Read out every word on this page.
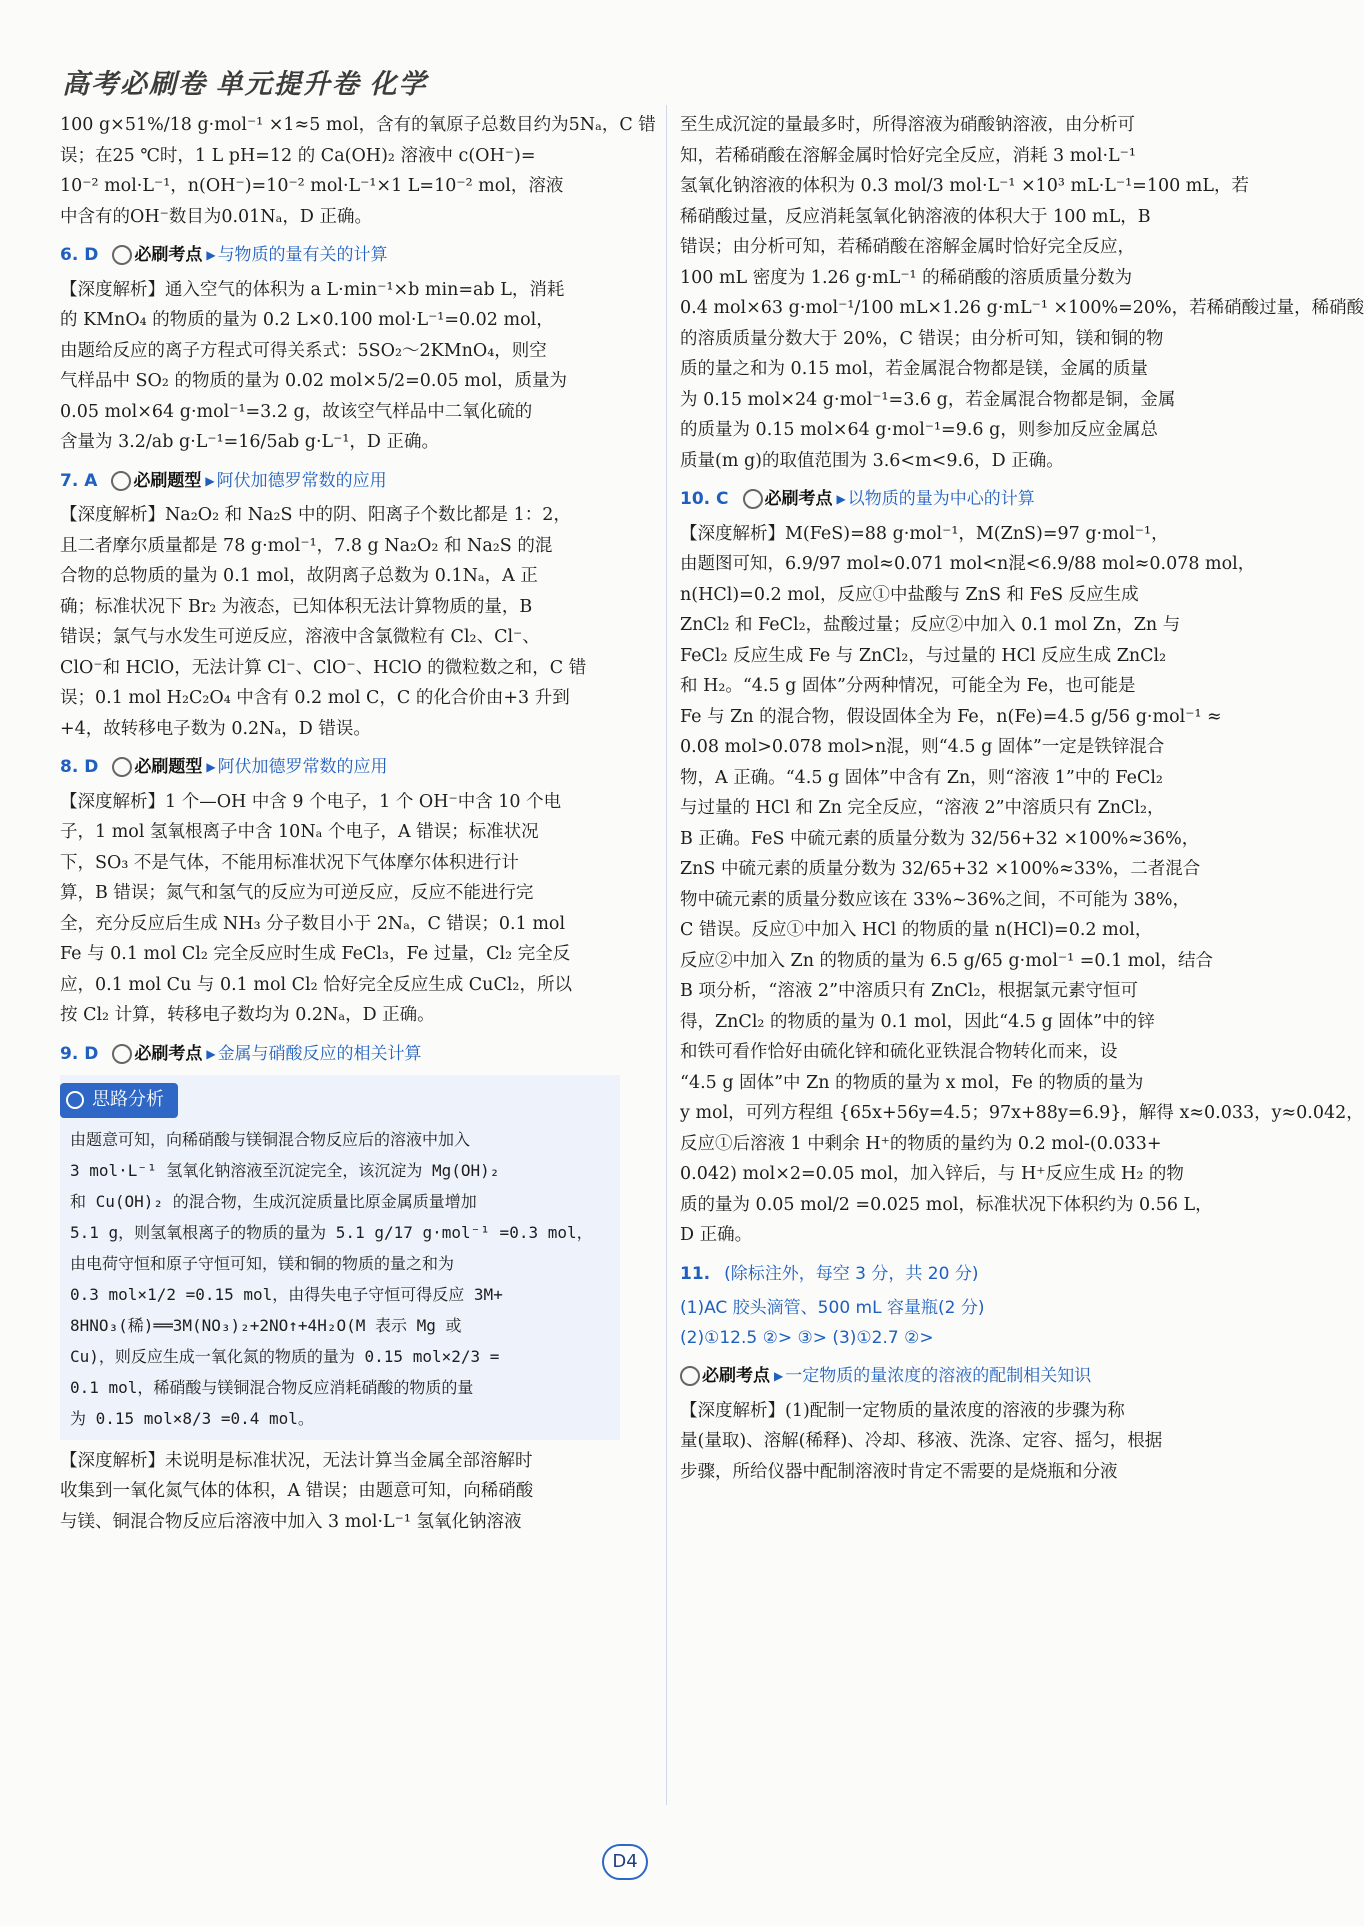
高考必刷卷 单元提升卷 化学

100 g×51%/18 g·mol⁻¹ ×1≈5 mol，含有的氧原子总数目约为5Nₐ，C 错

误；在25 ℃时，1 L pH=12 的 Ca(OH)₂ 溶液中 c(OH⁻)=

10⁻² mol·L⁻¹，n(OH⁻)=10⁻² mol·L⁻¹×1 L=10⁻² mol，溶液

中含有的OH⁻数目为0.01Nₐ，D 正确。

6. D 必刷考点 ▶ 与物质的量有关的计算

【深度解析】通入空气的体积为 a L·min⁻¹×b min=ab L，消耗

的 KMnO₄ 的物质的量为 0.2 L×0.100 mol·L⁻¹=0.02 mol，

由题给反应的离子方程式可得关系式：5SO₂～2KMnO₄，则空

气样品中 SO₂ 的物质的量为 0.02 mol×5/2=0.05 mol，质量为

0.05 mol×64 g·mol⁻¹=3.2 g，故该空气样品中二氧化硫的

含量为 3.2/ab g·L⁻¹=16/5ab g·L⁻¹，D 正确。

7. A 必刷题型 ▶ 阿伏加德罗常数的应用

【深度解析】Na₂O₂ 和 Na₂S 中的阴、阳离子个数比都是 1：2，

且二者摩尔质量都是 78 g·mol⁻¹，7.8 g Na₂O₂ 和 Na₂S 的混

合物的总物质的量为 0.1 mol，故阴离子总数为 0.1Nₐ，A 正

确；标准状况下 Br₂ 为液态，已知体积无法计算物质的量，B

错误；氯气与水发生可逆反应，溶液中含氯微粒有 Cl₂、Cl⁻、

ClO⁻和 HClO，无法计算 Cl⁻、ClO⁻、HClO 的微粒数之和，C 错

误；0.1 mol H₂C₂O₄ 中含有 0.2 mol C，C 的化合价由+3 升到

+4，故转移电子数为 0.2Nₐ，D 错误。

8. D 必刷题型 ▶ 阿伏加德罗常数的应用

【深度解析】1 个—OH 中含 9 个电子，1 个 OH⁻中含 10 个电

子，1 mol 氢氧根离子中含 10Nₐ 个电子，A 错误；标准状况

下，SO₃ 不是气体，不能用标准状况下气体摩尔体积进行计

算，B 错误；氮气和氢气的反应为可逆反应，反应不能进行完

全，充分反应后生成 NH₃ 分子数目小于 2Nₐ，C 错误；0.1 mol

Fe 与 0.1 mol Cl₂ 完全反应时生成 FeCl₃，Fe 过量，Cl₂ 完全反

应，0.1 mol Cu 与 0.1 mol Cl₂ 恰好完全反应生成 CuCl₂，所以

按 Cl₂ 计算，转移电子数均为 0.2Nₐ，D 正确。

9. D 必刷考点 ▶ 金属与硝酸反应的相关计算
思路分析

由题意可知，向稀硝酸与镁铜混合物反应后的溶液中加入

3 mol·L⁻¹ 氢氧化钠溶液至沉淀完全，该沉淀为 Mg(OH)₂

和 Cu(OH)₂ 的混合物，生成沉淀质量比原金属质量增加

5.1 g，则氢氧根离子的物质的量为 5.1 g/17 g·mol⁻¹ =0.3 mol，

由电荷守恒和原子守恒可知，镁和铜的物质的量之和为

0.3 mol×1/2 =0.15 mol，由得失电子守恒可得反应 3M+

8HNO₃(稀)══3M(NO₃)₂+2NO↑+4H₂O(M 表示 Mg 或

Cu)，则反应生成一氧化氮的物质的量为 0.15 mol×2/3 =

0.1 mol，稀硝酸与镁铜混合物反应消耗硝酸的物质的量

为 0.15 mol×8/3 =0.4 mol。

【深度解析】未说明是标准状况，无法计算当金属全部溶解时

收集到一氧化氮气体的体积，A 错误；由题意可知，向稀硝酸

与镁、铜混合物反应后溶液中加入 3 mol·L⁻¹ 氢氧化钠溶液

至生成沉淀的量最多时，所得溶液为硝酸钠溶液，由分析可

知，若稀硝酸在溶解金属时恰好完全反应，消耗 3 mol·L⁻¹

氢氧化钠溶液的体积为 0.3 mol/3 mol·L⁻¹ ×10³ mL·L⁻¹=100 mL，若

稀硝酸过量，反应消耗氢氧化钠溶液的体积大于 100 mL，B

错误；由分析可知，若稀硝酸在溶解金属时恰好完全反应，

100 mL 密度为 1.26 g·mL⁻¹ 的稀硝酸的溶质质量分数为

0.4 mol×63 g·mol⁻¹/100 mL×1.26 g·mL⁻¹ ×100%=20%，若稀硝酸过量，稀硝酸

的溶质质量分数大于 20%，C 错误；由分析可知，镁和铜的物

质的量之和为 0.15 mol，若金属混合物都是镁，金属的质量

为 0.15 mol×24 g·mol⁻¹=3.6 g，若金属混合物都是铜，金属

的质量为 0.15 mol×64 g·mol⁻¹=9.6 g，则参加反应金属总

质量(m g)的取值范围为 3.6<m<9.6，D 正确。

10. C 必刷考点 ▶ 以物质的量为中心的计算

【深度解析】M(FeS)=88 g·mol⁻¹，M(ZnS)=97 g·mol⁻¹，

由题图可知，6.9/97 mol≈0.071 mol<n混<6.9/88 mol≈0.078 mol，

n(HCl)=0.2 mol，反应①中盐酸与 ZnS 和 FeS 反应生成

ZnCl₂ 和 FeCl₂，盐酸过量；反应②中加入 0.1 mol Zn，Zn 与

FeCl₂ 反应生成 Fe 与 ZnCl₂，与过量的 HCl 反应生成 ZnCl₂

和 H₂。“4.5 g 固体”分两种情况，可能全为 Fe，也可能是

Fe 与 Zn 的混合物，假设固体全为 Fe，n(Fe)=4.5 g/56 g·mol⁻¹ ≈

0.08 mol>0.078 mol>n混，则“4.5 g 固体”一定是铁锌混合

物，A 正确。“4.5 g 固体”中含有 Zn，则“溶液 1”中的 FeCl₂

与过量的 HCl 和 Zn 完全反应，“溶液 2”中溶质只有 ZnCl₂，

B 正确。FeS 中硫元素的质量分数为 32/56+32 ×100%≈36%，

ZnS 中硫元素的质量分数为 32/65+32 ×100%≈33%，二者混合

物中硫元素的质量分数应该在 33%~36%之间，不可能为 38%，

C 错误。反应①中加入 HCl 的物质的量 n(HCl)=0.2 mol，

反应②中加入 Zn 的物质的量为 6.5 g/65 g·mol⁻¹ =0.1 mol，结合

B 项分析，“溶液 2”中溶质只有 ZnCl₂，根据氯元素守恒可

得，ZnCl₂ 的物质的量为 0.1 mol，因此“4.5 g 固体”中的锌

和铁可看作恰好由硫化锌和硫化亚铁混合物转化而来，设

“4.5 g 固体”中 Zn 的物质的量为 x mol，Fe 的物质的量为

y mol，可列方程组 {65x+56y=4.5；97x+88y=6.9}，解得 x≈0.033，y≈0.042，

反应①后溶液 1 中剩余 H⁺的物质的量约为 0.2 mol-(0.033+

0.042) mol×2=0.05 mol，加入锌后，与 H⁺反应生成 H₂ 的物

质的量为 0.05 mol/2 =0.025 mol，标准状况下体积约为 0.56 L，

D 正确。

11. (除标注外，每空 3 分，共 20 分)

(1)AC 胶头滴管、500 mL 容量瓶(2 分)

(2)①12.5 ②> ③> (3)①2.7 ②>

必刷考点 ▶ 一定物质的量浓度的溶液的配制相关知识

【深度解析】(1)配制一定物质的量浓度的溶液的步骤为称

量(量取)、溶解(稀释)、冷却、移液、洗涤、定容、摇匀，根据

步骤，所给仪器中配制溶液时肯定不需要的是烧瓶和分液

D4
